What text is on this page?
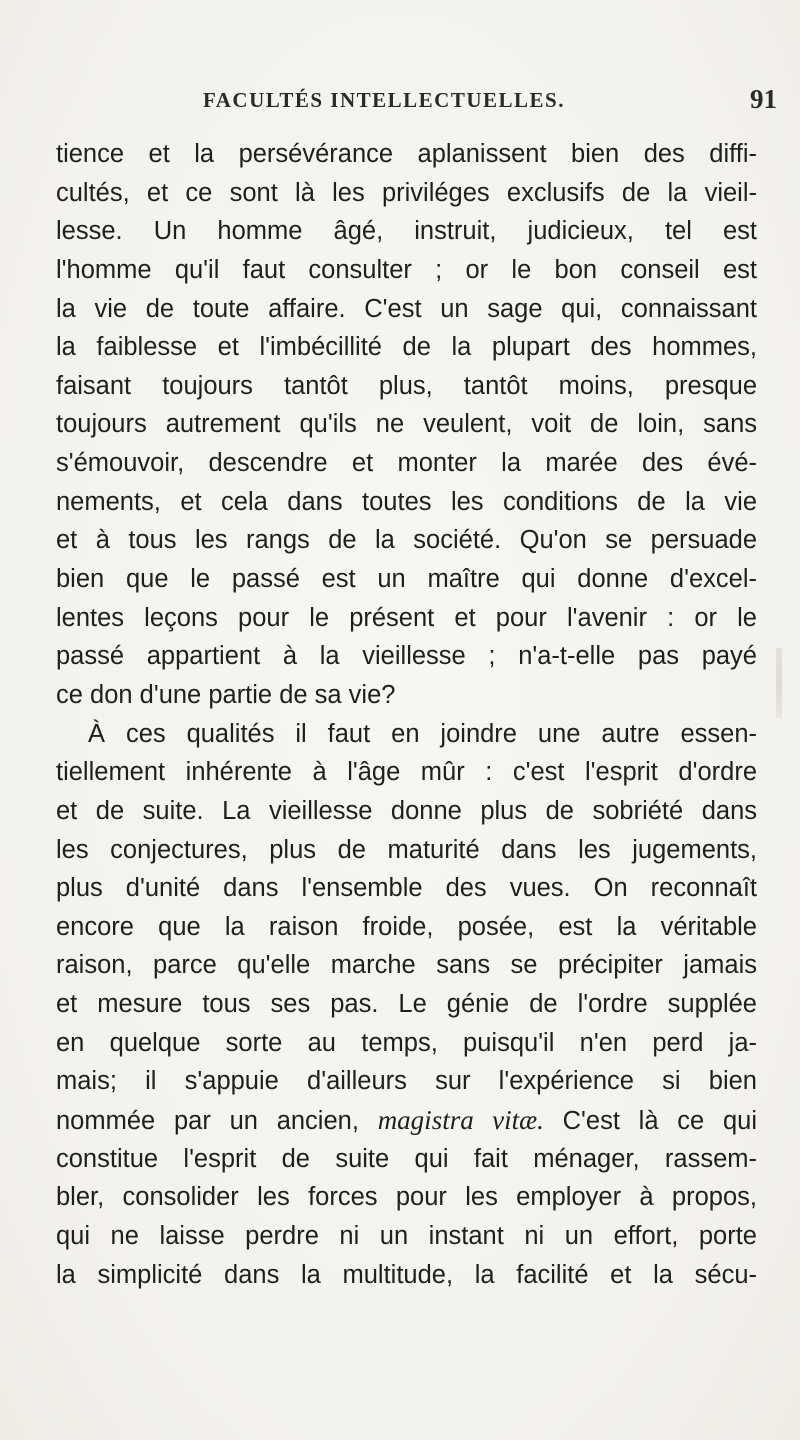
FACULTÉS INTELLECTUELLES.	91
tience et la persévérance aplanissent bien des diffi-
cultés, et ce sont là les priviléges exclusifs de la vieil-
lesse. Un homme âgé, instruit, judicieux, tel est
l'homme qu'il faut consulter ; or le bon conseil est
la vie de toute affaire. C'est un sage qui, connaissant
la faiblesse et l'imbécillité de la plupart des hommes,
faisant toujours tantôt plus, tantôt moins, presque
toujours autrement qu'ils ne veulent, voit de loin, sans
s'émouvoir, descendre et monter la marée des évé-
nements, et cela dans toutes les conditions de la vie
et à tous les rangs de la société. Qu'on se persuade
bien que le passé est un maître qui donne d'excel-
lentes leçons pour le présent et pour l'avenir : or le
passé appartient à la vieillesse ; n'a-t-elle pas payé
ce don d'une partie de sa vie?
À ces qualités il faut en joindre une autre essen-
tiellement inhérente à l'âge mûr : c'est l'esprit d'ordre
et de suite. La vieillesse donne plus de sobriété dans
les conjectures, plus de maturité dans les jugements,
plus d'unité dans l'ensemble des vues. On reconnaît
encore que la raison froide, posée, est la véritable
raison, parce qu'elle marche sans se précipiter jamais
et mesure tous ses pas. Le génie de l'ordre supplée
en quelque sorte au temps, puisqu'il n'en perd ja-
mais; il s'appuie d'ailleurs sur l'expérience si bien
nommée par un ancien, magistra vitæ. C'est là ce qui
constitue l'esprit de suite qui fait ménager, rassem-
bler, consolider les forces pour les employer à propos,
qui ne laisse perdre ni un instant ni un effort, porte
la simplicité dans la multitude, la facilité et la sécu-
